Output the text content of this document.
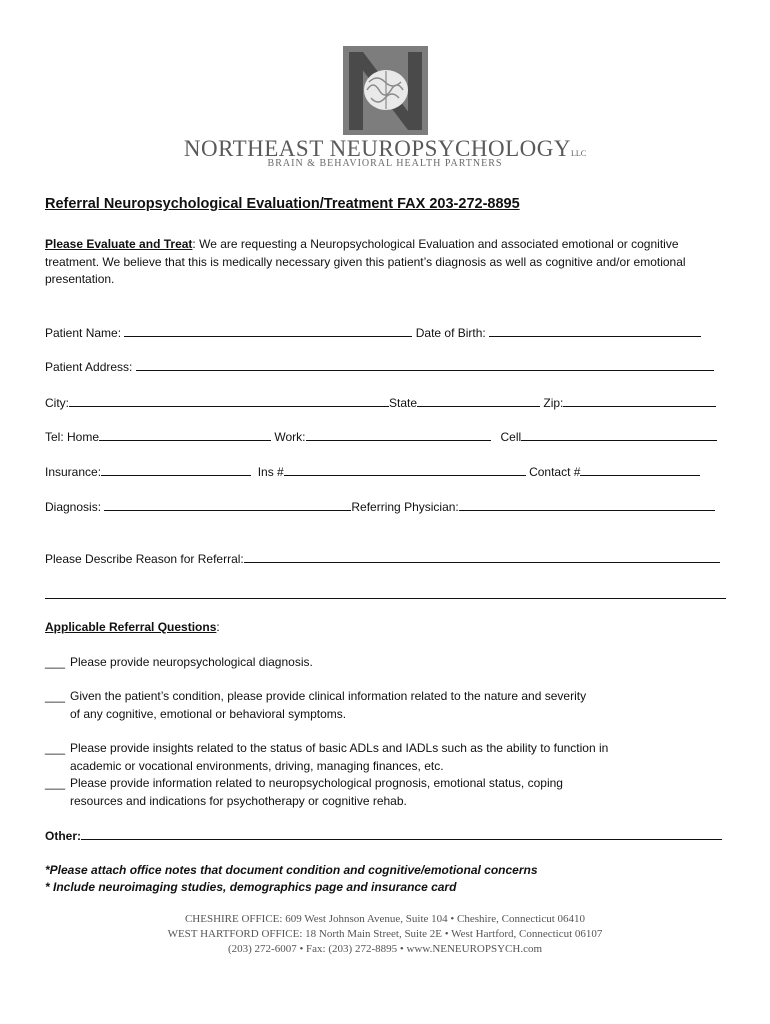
NORTHEAST NEUROPSYCHOLOGYLLC
BRAIN & BEHAVIORAL HEALTH PARTNERS
Referral Neuropsychological Evaluation/Treatment FAX 203-272-8895
Please Evaluate and Treat: We are requesting a Neuropsychological Evaluation and associated emotional or cognitive treatment. We believe that this is medically necessary given this patient’s diagnosis as well as cognitive and/or emotional presentation.
Patient Name:	Date of Birth:
Patient Address:
City:	State	Zip:
Tel: Home	Work:	Cell
Insurance:	Ins #	Contact #
Diagnosis:	Referring Physician:
Please Describe Reason for Referral:
Applicable Referral Questions:
___ Please provide neuropsychological diagnosis.
___ Given the patient’s condition, please provide clinical information related to the nature and severity
of any cognitive, emotional or behavioral symptoms.
___ Please provide insights related to the status of basic ADLs and IADLs such as the ability to function in
academic or vocational environments, driving, managing finances, etc.
___ Please provide information related to neuropsychological prognosis, emotional status, coping
resources and indications for psychotherapy or cognitive rehab.
Other:
*Please attach office notes that document condition and cognitive/emotional concerns
* Include neuroimaging studies, demographics page and insurance card
CHESHIRE OFFICE: 609 West Johnson Avenue, Suite 104 • Cheshire, Connecticut 06410
WEST HARTFORD OFFICE: 18 North Main Street, Suite 2E • West Hartford, Connecticut 06107
(203) 272-6007 • Fax: (203) 272-8895 • www.NENEUROPSYCH.com
